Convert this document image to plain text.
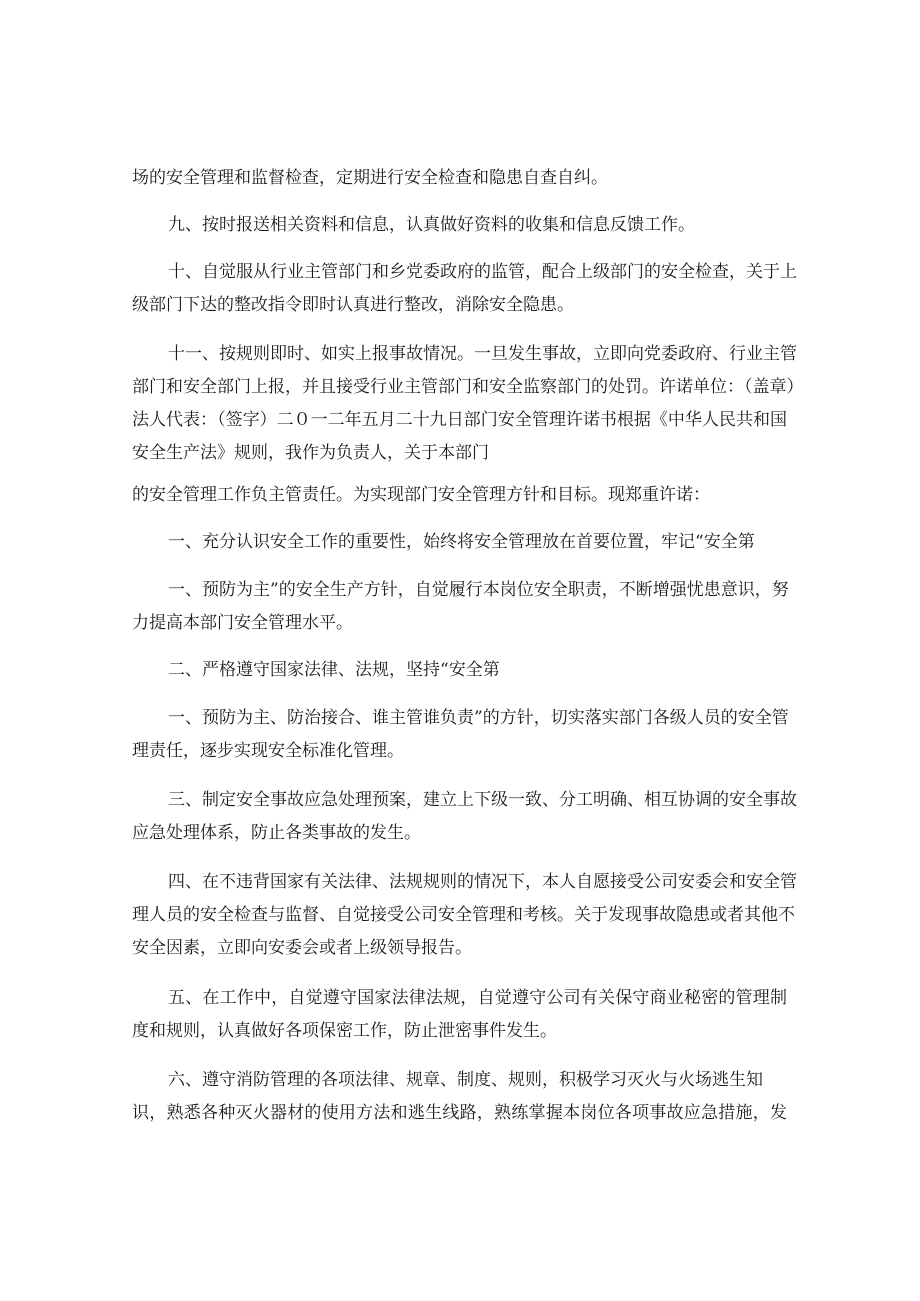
场的安全管理和监督检查，定期进行安全检查和隐患自查自纠。
九、按时报送相关资料和信息，认真做好资料的收集和信息反馈工作。
十、自觉服从行业主管部门和乡党委政府的监管，配合上级部门的安全检查，关于上
级部门下达的整改指令即时认真进行整改，消除安全隐患。
十一、按规则即时、如实上报事故情况。一旦发生事故，立即向党委政府、行业主管
部门和安全部门上报，并且接受行业主管部门和安全监察部门的处罚。许诺单位：（盖章）
法人代表：（签字）二０一二年五月二十九日部门安全管理许诺书根据《中华人民共和国
安全生产法》规则，我作为负责人，关于本部门
的安全管理工作负主管责任。为实现部门安全管理方针和目标。现郑重许诺：
一、充分认识安全工作的重要性，始终将安全管理放在首要位置，牢记“安全第
一、预防为主”的安全生产方针，自觉履行本岗位安全职责，不断增强忧患意识，努
力提高本部门安全管理水平。
二、严格遵守国家法律、法规，坚持“安全第
一、预防为主、防治接合、谁主管谁负责”的方针，切实落实部门各级人员的安全管
理责任，逐步实现安全标准化管理。
三、制定安全事故应急处理预案，建立上下级一致、分工明确、相互协调的安全事故
应急处理体系，防止各类事故的发生。
四、在不违背国家有关法律、法规规则的情况下，本人自愿接受公司安委会和安全管
理人员的安全检查与监督、自觉接受公司安全管理和考核。关于发现事故隐患或者其他不
安全因素，立即向安委会或者上级领导报告。
五、在工作中，自觉遵守国家法律法规，自觉遵守公司有关保守商业秘密的管理制
度和规则，认真做好各项保密工作，防止泄密事件发生。
六、遵守消防管理的各项法律、规章、制度、规则，积极学习灭火与火场逃生知
识，熟悉各种灭火器材的使用方法和逃生线路，熟练掌握本岗位各项事故应急措施，发
